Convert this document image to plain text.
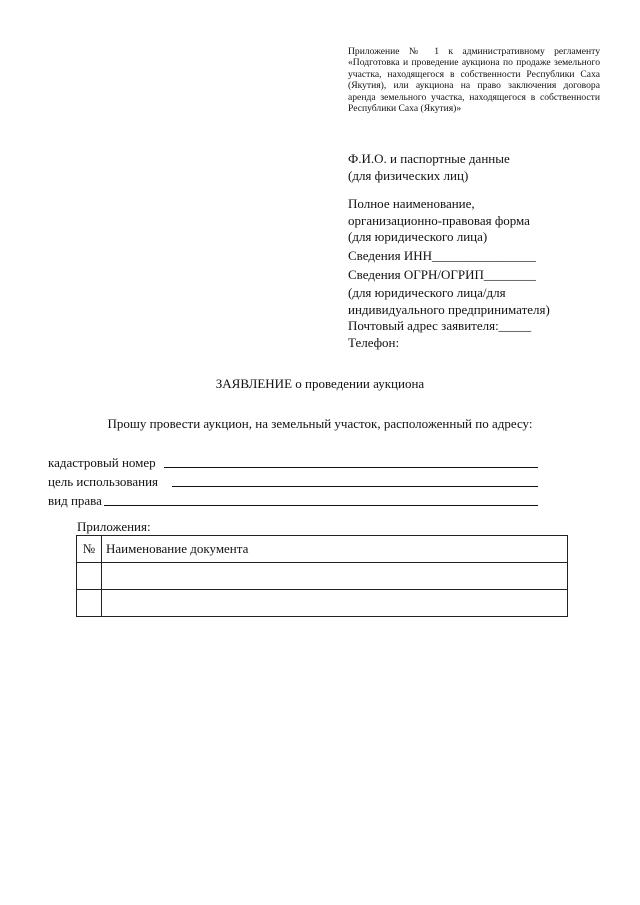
Приложение № 1 к административному регламенту «Подготовка и проведение аукциона по продаже земельного участка, находящегося в собственности Республики Саха (Якутия), или аукциона на право заключения договора аренда земельного участка, находящегося в собственности Республики Саха (Якутия)»
Ф.И.О. и паспортные данные
(для физических лиц)
Полное наименование,
организационно-правовая форма
(для юридического лица)
Сведения ИНН________________
Сведения ОГРН/ОГРИП________
(для юридического лица/для
индивидуального предпринимателя)
Почтовый адрес заявителя:_____
Телефон:
ЗАЯВЛЕНИЕ о проведении аукциона
Прошу провести аукцион, на земельный участок, расположенный по адресу:
кадастровый номер
цель использования
вид права
Приложения:
№	Наименование документа
